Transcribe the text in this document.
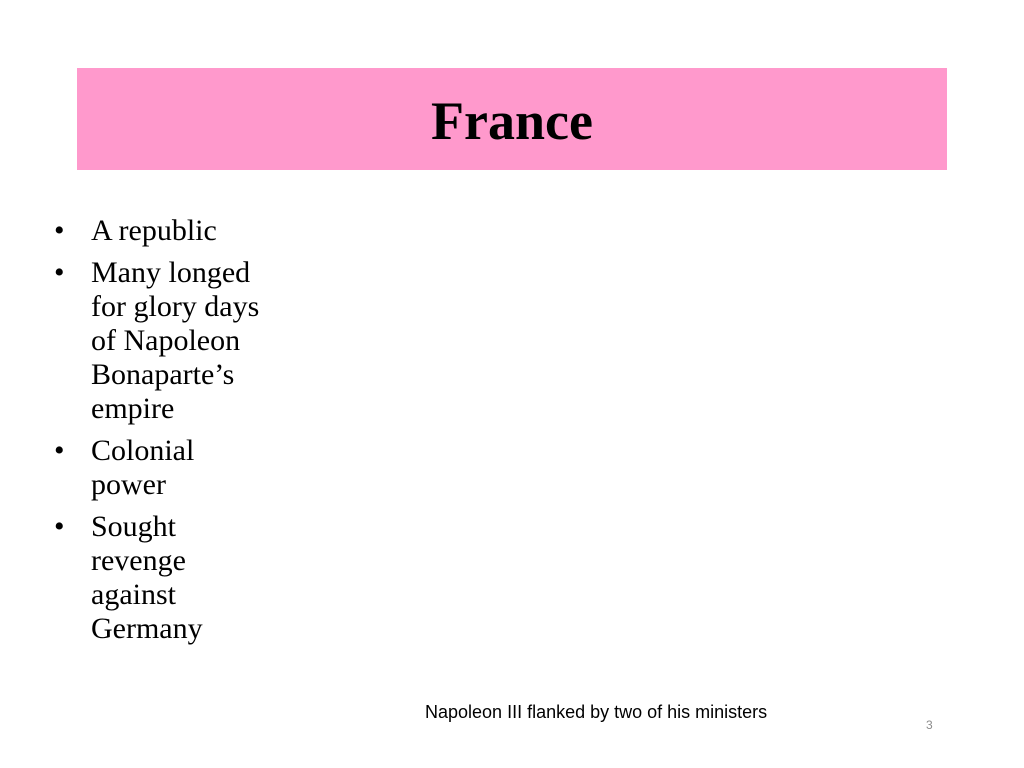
France
• A republic
• Many longed
for glory days
of Napoleon
Bonaparte’s
empire
• Colonial
power
• Sought
revenge
against
Germany
Napoleon III flanked by two of his ministers
3
